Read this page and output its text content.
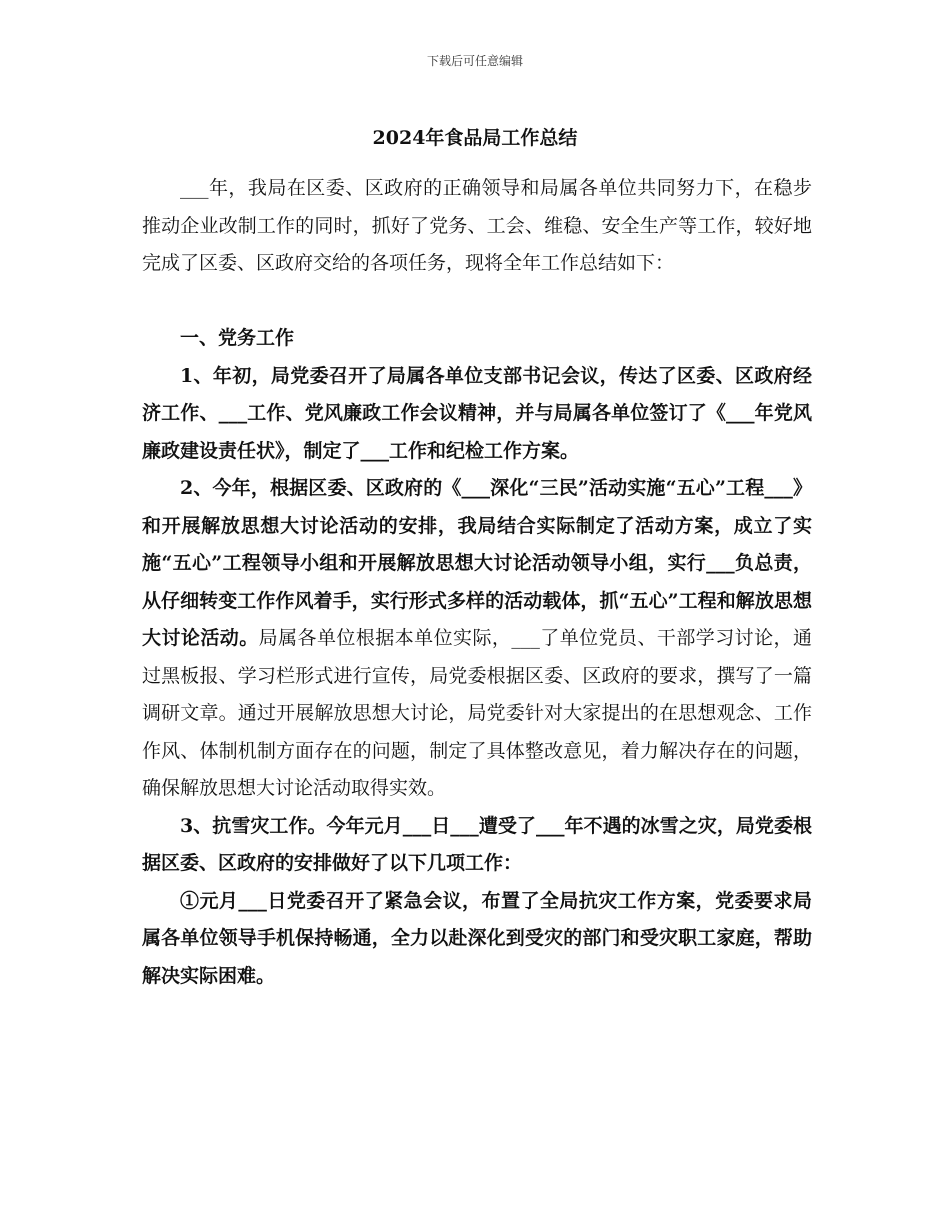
下载后可任意编辑
2024年食品局工作总结

___年，我局在区委、区政府的正确领导和局属各单位共同努力下，在稳步推动企业改制工作的同时，抓好了党务、工会、维稳、安全生产等工作，较好地完成了区委、区政府交给的各项任务，现将全年工作总结如下：

一、党务工作

1、年初，局党委召开了局属各单位支部书记会议，传达了区委、区政府经济工作、___工作、党风廉政工作会议精神，并与局属各单位签订了《___年党风廉政建设责任状》，制定了___工作和纪检工作方案。

2、今年，根据区委、区政府的《___深化“三民”活动实施“五心”工程___》和开展解放思想大讨论活动的安排，我局结合实际制定了活动方案，成立了实施“五心”工程领导小组和开展解放思想大讨论活动领导小组，实行___负总责，从仔细转变工作作风着手，实行形式多样的活动载体，抓“五心”工程和解放思想大讨论活动。局属各单位根据本单位实际，___了单位党员、干部学习讨论，通过黑板报、学习栏形式进行宣传，局党委根据区委、区政府的要求，撰写了一篇调研文章。通过开展解放思想大讨论，局党委针对大家提出的在思想观念、工作作风、体制机制方面存在的问题，制定了具体整改意见，着力解决存在的问题，确保解放思想大讨论活动取得实效。

3、抗雪灾工作。今年元月___日___遭受了___年不遇的冰雪之灾，局党委根据区委、区政府的安排做好了以下几项工作：

①元月___日党委召开了紧急会议，布置了全局抗灾工作方案，党委要求局属各单位领导手机保持畅通，全力以赴深化到受灾的部门和受灾职工家庭，帮助解决实际困难。
